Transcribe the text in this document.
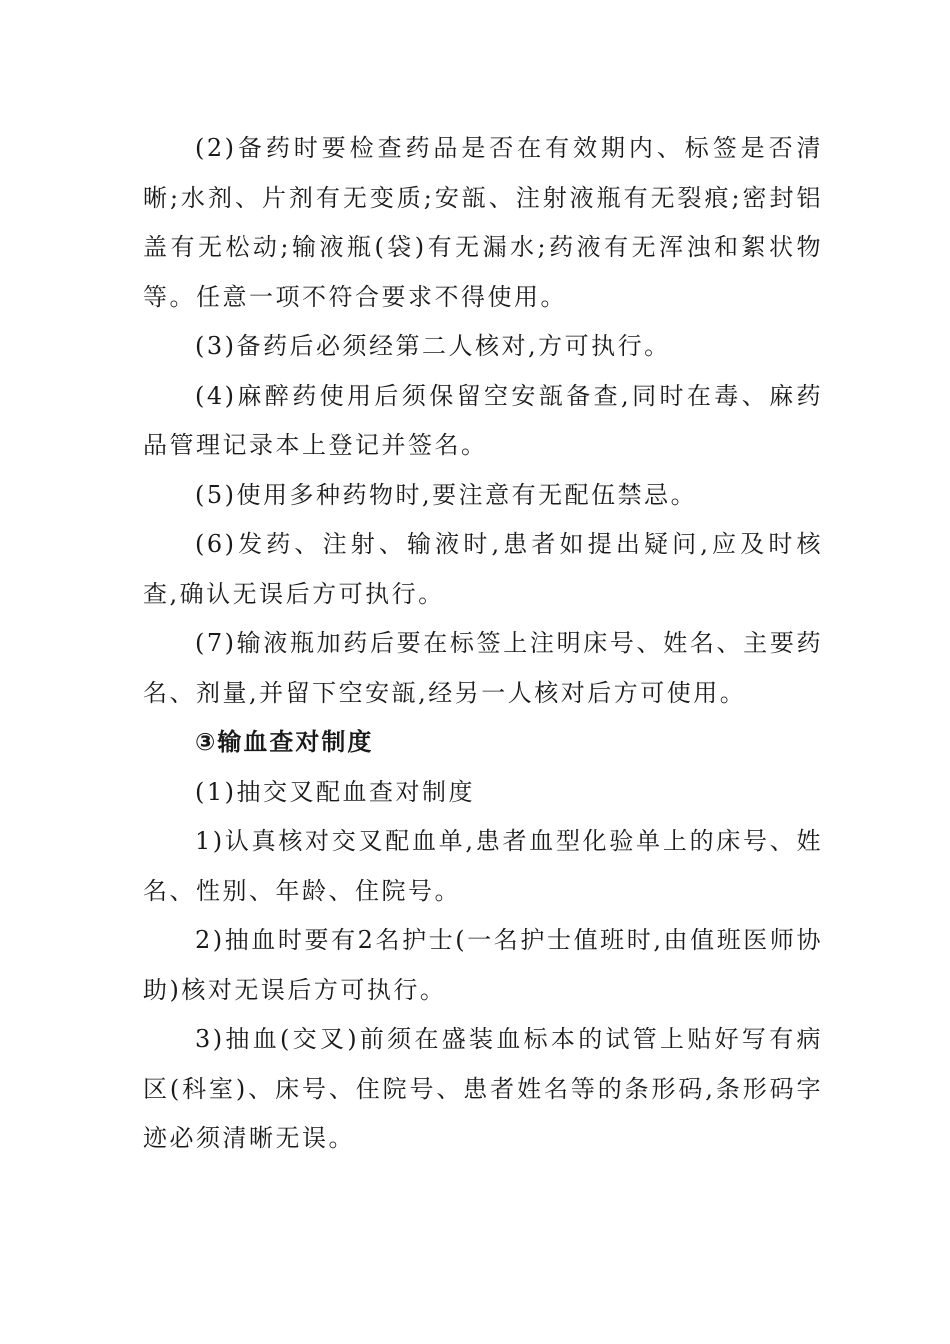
(2)备药时要检查药品是否在有效期内、标签是否清晰;水剂、片剂有无变质;安瓿、注射液瓶有无裂痕;密封铝盖有无松动;输液瓶(袋)有无漏水;药液有无浑浊和絮状物等。任意一项不符合要求不得使用。

(3)备药后必须经第二人核对,方可执行。

(4)麻醉药使用后须保留空安瓿备查,同时在毒、麻药品管理记录本上登记并签名。

(5)使用多种药物时,要注意有无配伍禁忌。

(6)发药、注射、输液时,患者如提出疑问,应及时核查,确认无误后方可执行。

(7)输液瓶加药后要在标签上注明床号、姓名、主要药名、剂量,并留下空安瓿,经另一人核对后方可使用。

③输血查对制度

(1)抽交叉配血查对制度

1)认真核对交叉配血单,患者血型化验单上的床号、姓名、性别、年龄、住院号。

2)抽血时要有2名护士(一名护士值班时,由值班医师协助)核对无误后方可执行。

3)抽血(交叉)前须在盛装血标本的试管上贴好写有病区(科室)、床号、住院号、患者姓名等的条形码,条形码字迹必须清晰无误。
